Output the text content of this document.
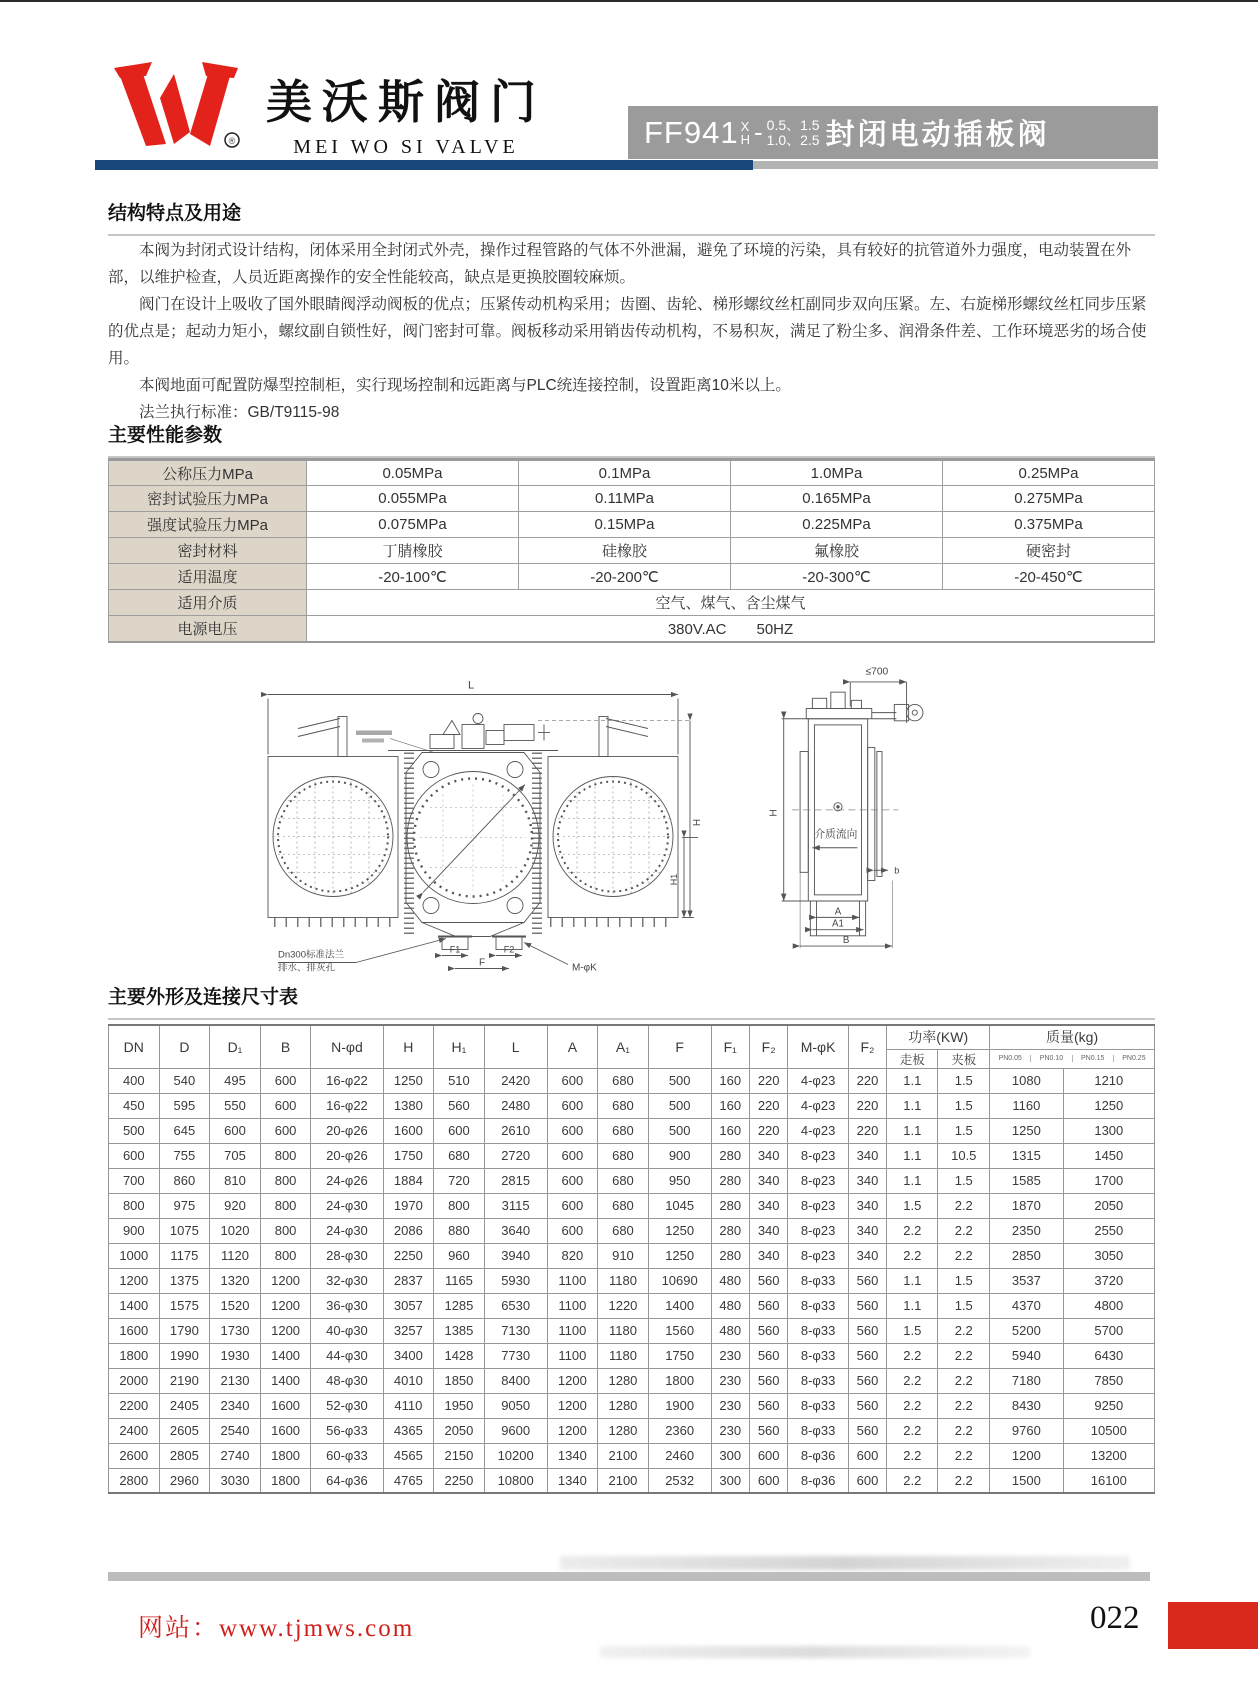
®
美沃斯阀门
MEI WO SI VALVE	FF941 X
H - 0.5、1.5
1.0、2.5 封闭电动插板阀
结构特点及用途

本阀为封闭式设计结构，闭体采用全封闭式外壳，操作过程管路的气体不外泄漏，避免了环境的污染，具有较好的抗管道外力强度，电动装置在外部，以维护检查，人员近距离操作的安全性能较高，缺点是更换胶圈较麻烦。

阀门在设计上吸收了国外眼睛阀浮动阀板的优点；压紧传动机构采用；齿圈、齿轮、梯形螺纹丝杠副同步双向压紧。左、右旋梯形螺纹丝杠同步压紧的优点是；起动力矩小，螺纹副自锁性好，阀门密封可靠。阀板移动采用销齿传动机构，不易积灰，满足了粉尘多、润滑条件差、工作环境恶劣的场合使用。

本阀地面可配置防爆型控制柜，实行现场控制和远距离与PLC统连接控制，设置距离10米以上。

法兰执行标准：GB/T9115-98

主要性能参数
公称压力MPa	0.05MPa	0.1MPa	1.0MPa	0.25MPa
密封试验压力MPa	0.055MPa	0.11MPa	0.165MPa	0.275MPa
强度试验压力MPa	0.075MPa	0.15MPa	0.225MPa	0.375MPa
密封材料	丁腈橡胶	硅橡胶	氟橡胶	硬密封
适用温度	-20-100℃	-20-200℃	-20-300℃	-20-450℃
适用介质	空气、煤气、含尘煤气			
电源电压	380V.AC　　50HZ			
L
H
H1
F1	F2
F
Dn300标准法兰
排水、排灰孔	M-φK
≤700
H
介质流向
b
A
A1
B
主要外形及连接尺寸表
DN	D	D₁	B	N-φd	H	H₁	L	A	A₁	F	F₁	F₂	M-φK	F₂	功率(KW)		质量(kg)	
															走板	夹板	PN0.05 PN0.10 PN0.15 PN0.25	

400	540	495	600	16-φ22	1250	510	2420	600	680	500	160	220	4-φ23	220	1.1	1.5	1080	1210
450	595	550	600	16-φ22	1380	560	2480	600	680	500	160	220	4-φ23	220	1.1	1.5	1160	1250
500	645	600	600	20-φ26	1600	600	2610	600	680	500	160	220	4-φ23	220	1.1	1.5	1250	1300
600	755	705	800	20-φ26	1750	680	2720	600	680	900	280	340	8-φ23	340	1.1	10.5	1315	1450
700	860	810	800	24-φ26	1884	720	2815	600	680	950	280	340	8-φ23	340	1.1	1.5	1585	1700
800	975	920	800	24-φ30	1970	800	3115	600	680	1045	280	340	8-φ23	340	1.5	2.2	1870	2050
900	1075	1020	800	24-φ30	2086	880	3640	600	680	1250	280	340	8-φ23	340	2.2	2.2	2350	2550
1000	1175	1120	800	28-φ30	2250	960	3940	820	910	1250	280	340	8-φ23	340	2.2	2.2	2850	3050
1200	1375	1320	1200	32-φ30	2837	1165	5930	1100	1180	10690	480	560	8-φ33	560	1.1	1.5	3537	3720
1400	1575	1520	1200	36-φ30	3057	1285	6530	1100	1220	1400	480	560	8-φ33	560	1.1	1.5	4370	4800
1600	1790	1730	1200	40-φ30	3257	1385	7130	1100	1180	1560	480	560	8-φ33	560	1.5	2.2	5200	5700
1800	1990	1930	1400	44-φ30	3400	1428	7730	1100	1180	1750	230	560	8-φ33	560	2.2	2.2	5940	6430
2000	2190	2130	1400	48-φ30	4010	1850	8400	1200	1280	1800	230	560	8-φ33	560	2.2	2.2	7180	7850
2200	2405	2340	1600	52-φ30	4110	1950	9050	1200	1280	1900	230	560	8-φ33	560	2.2	2.2	8430	9250
2400	2605	2540	1600	56-φ33	4365	2050	9600	1200	1280	2360	230	560	8-φ33	560	2.2	2.2	9760	10500
2600	2805	2740	1800	60-φ33	4565	2150	10200	1340	2100	2460	300	600	8-φ36	600	2.2	2.2	1200	13200
2800	2960	3030	1800	64-φ36	4765	2250	10800	1340	2100	2532	300	600	8-φ36	600	2.2	2.2	1500	16100
网站：www.tjmws.com	022
